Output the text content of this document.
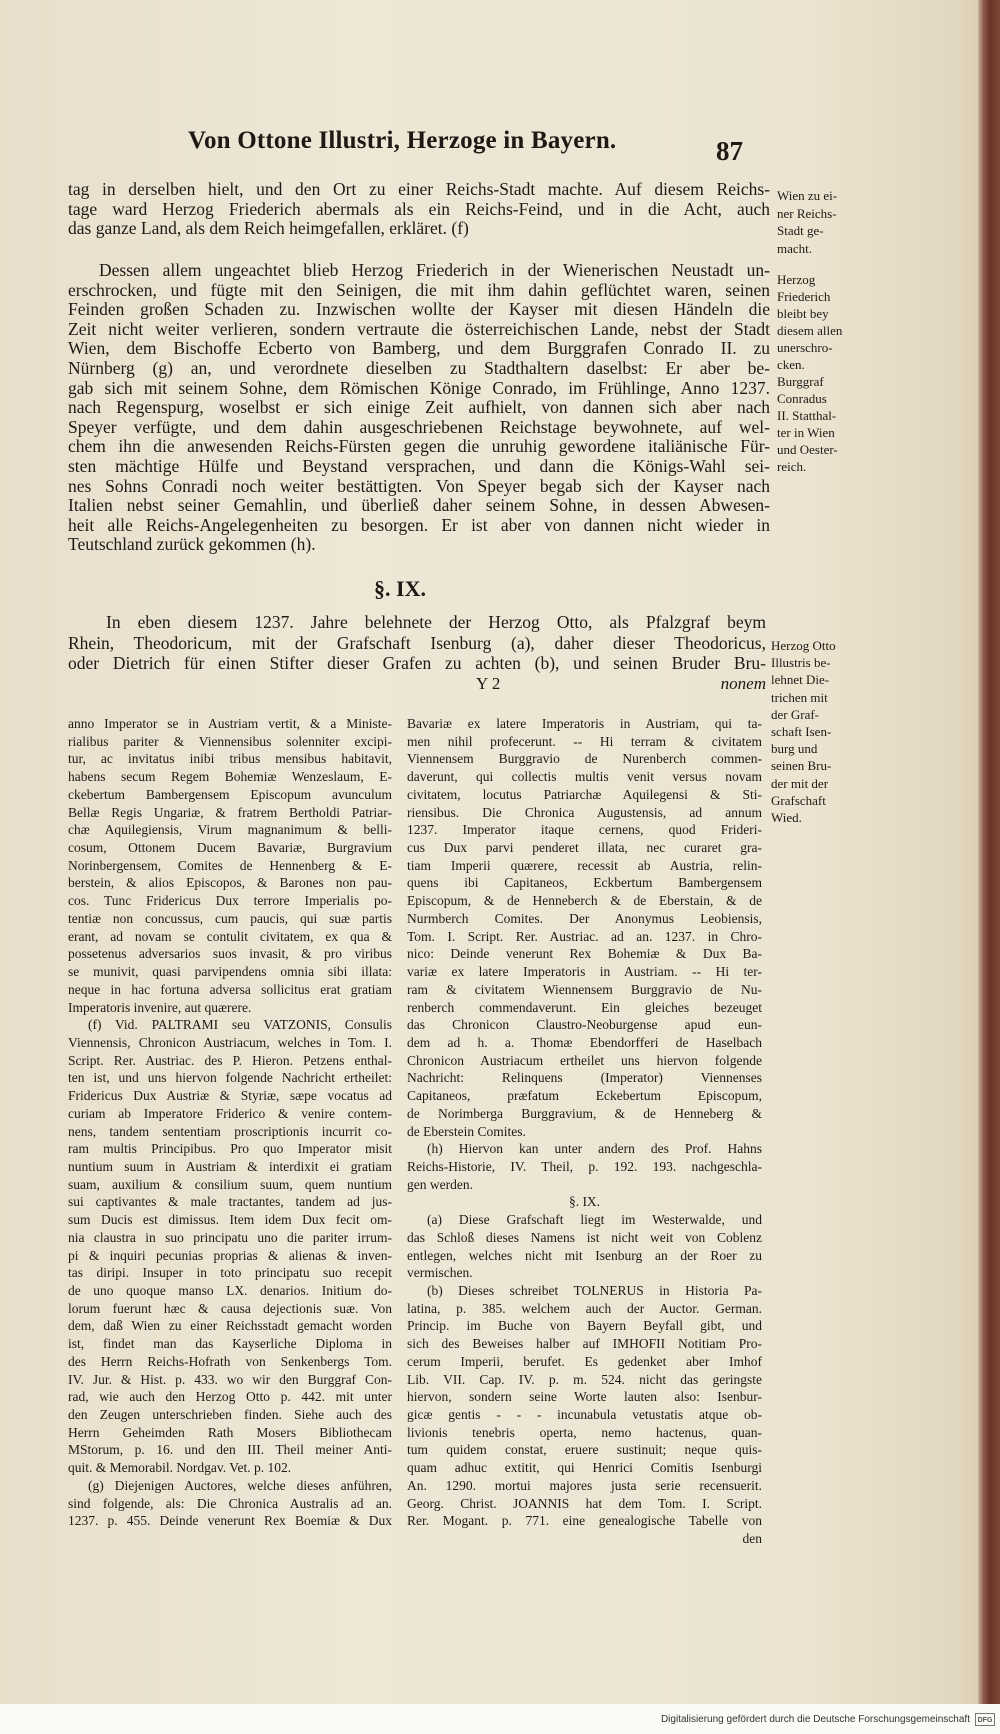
Von Ottone Illustri, Herzoge in Bayern.	87
tag in derselben hielt, und den Ort zu einer Reichs-Stadt machte. Auf diesem Reichs-
tage ward Herzog Friederich abermals als ein Reichs-Feind, und in die Acht, auch
das ganze Land, als dem Reich heimgefallen, erkläret. (f)
Dessen allem ungeachtet blieb Herzog Friederich in der Wienerischen Neustadt un-
erschrocken, und fügte mit den Seinigen, die mit ihm dahin geflüchtet waren, seinen
Feinden großen Schaden zu. Inzwischen wollte der Kayser mit diesen Händeln die
Zeit nicht weiter verlieren, sondern vertraute die österreichischen Lande, nebst der Stadt
Wien, dem Bischoffe Ecberto von Bamberg, und dem Burggrafen Conrado II. zu
Nürnberg (g) an, und verordnete dieselben zu Stadthaltern daselbst: Er aber be-
gab sich mit seinem Sohne, dem Römischen Könige Conrado, im Frühlinge, Anno 1237.
nach Regenspurg, woselbst er sich einige Zeit aufhielt, von dannen sich aber nach
Speyer verfügte, und dem dahin ausgeschriebenen Reichstage beywohnete, auf wel-
chem ihn die anwesenden Reichs-Fürsten gegen die unruhig gewordene italiänische Für-
sten mächtige Hülfe und Beystand versprachen, und dann die Königs-Wahl sei-
nes Sohns Conradi noch weiter bestättigten. Von Speyer begab sich der Kayser nach
Italien nebst seiner Gemahlin, und überließ daher seinem Sohne, in dessen Abwesen-
heit alle Reichs-Angelegenheiten zu besorgen. Er ist aber von dannen nicht wieder in
Teutschland zurück gekommen (h).
§. IX.
In eben diesem 1237. Jahre belehnete der Herzog Otto, als Pfalzgraf beym
Rhein, Theodoricum, mit der Grafschaft Isenburg (a), daher dieser Theodoricus,
oder Dietrich für einen Stifter dieser Grafen zu achten (b), und seinen Bruder Bru-
Y 2	nonem
Wien zu ei-
ner Reichs-
Stadt ge-
macht.
Herzog
Friederich
bleibt bey
diesem allen
unerschro-
cken.
Burggraf
Conradus
II. Statthal-
ter in Wien
und Oester-
reich.
Herzog Otto
Illustris be-
lehnet Die-
trichen mit
der Graf-
schaft Isen-
burg und
seinen Bru-
der mit der
Grafschaft
Wied.
anno Imperator se in Austriam vertit, & a Ministe-
rialibus pariter & Viennensibus solenniter excipi-
tur, ac invitatus inibi tribus mensibus habitavit,
habens secum Regem Bohemiæ Wenzeslaum, E-
ckebertum Bambergensem Episcopum avunculum
Bellæ Regis Ungariæ, & fratrem Bertholdi Patriar-
chæ Aquilegiensis, Virum magnanimum & belli-
cosum, Ottonem Ducem Bavariæ, Burgravium
Norinbergensem, Comites de Hennenberg & E-
berstein, & alios Episcopos, & Barones non pau-
cos. Tunc Fridericus Dux terrore Imperialis po-
tentiæ non concussus, cum paucis, qui suæ partis
erant, ad novam se contulit civitatem, ex qua &
possetenus adversarios suos invasit, & pro viribus
se munivit, quasi parvipendens omnia sibi illata:
neque in hac fortuna adversa sollicitus erat gratiam
Imperatoris invenire, aut quærere.
(f) Vid. PALTRAMI seu VATZONIS, Consulis
Viennensis, Chronicon Austriacum, welches in Tom. I.
Script. Rer. Austriac. des P. Hieron. Petzens enthal-
ten ist, und uns hiervon folgende Nachricht ertheilet:
Fridericus Dux Austriæ & Styriæ, sæpe vocatus ad
curiam ab Imperatore Friderico & venire contem-
nens, tandem sententiam proscriptionis incurrit co-
ram multis Principibus. Pro quo Imperator misit
nuntium suum in Austriam & interdixit ei gratiam
suam, auxilium & consilium suum, quem nuntium
sui captivantes & male tractantes, tandem ad jus-
sum Ducis est dimissus. Item idem Dux fecit om-
nia claustra in suo principatu uno die pariter irrum-
pi & inquiri pecunias proprias & alienas & inven-
tas diripi. Insuper in toto principatu suo recepit
de uno quoque manso LX. denarios. Initium do-
lorum fuerunt hæc & causa dejectionis suæ. Von
dem, daß Wien zu einer Reichsstadt gemacht worden
ist, findet man das Kayserliche Diploma in
des Herrn Reichs-Hofrath von Senkenbergs Tom.
IV. Jur. & Hist. p. 433. wo wir den Burggraf Con-
rad, wie auch den Herzog Otto p. 442. mit unter
den Zeugen unterschrieben finden. Siehe auch des
Herrn Geheimden Rath Mosers Bibliothecam
MStorum, p. 16. und den III. Theil meiner Anti-
quit. & Memorabil. Nordgav. Vet. p. 102.
(g) Diejenigen Auctores, welche dieses anführen,
sind folgende, als: Die Chronica Australis ad an.
1237. p. 455. Deinde venerunt Rex Boemiæ & Dux
Bavariæ ex latere Imperatoris in Austriam, qui ta-
men nihil profecerunt. -- Hi terram & civitatem
Viennensem Burggravio de Nurenberch commen-
daverunt, qui collectis multis venit versus novam
civitatem, locutus Patriarchæ Aquilegensi & Sti-
riensibus. Die Chronica Augustensis, ad annum
1237. Imperator itaque cernens, quod Frideri-
cus Dux parvi penderet illata, nec curaret gra-
tiam Imperii quærere, recessit ab Austria, relin-
quens ibi Capitaneos, Eckbertum Bambergensem
Episcopum, & de Henneberch & de Eberstain, & de
Nurmberch Comites. Der Anonymus Leobiensis,
Tom. I. Script. Rer. Austriac. ad an. 1237. in Chro-
nico: Deinde venerunt Rex Bohemiæ & Dux Ba-
variæ ex latere Imperatoris in Austriam. -- Hi ter-
ram & civitatem Wiennensem Burggravio de Nu-
renberch commendaverunt. Ein gleiches bezeuget
das Chronicon Claustro-Neoburgense apud eun-
dem ad h. a. Thomæ Ebendorfferi de Haselbach
Chronicon Austriacum ertheilet uns hiervon folgende
Nachricht: Relinquens (Imperator) Viennenses
Capitaneos, præfatum Eckebertum Episcopum,
de Norimberga Burggravium, & de Henneberg &
de Eberstein Comites.
(h) Hiervon kan unter andern des Prof. Hahns
Reichs-Historie, IV. Theil, p. 192. 193. nachgeschla-
gen werden.
§. IX.
(a) Diese Grafschaft liegt im Westerwalde, und
das Schloß dieses Namens ist nicht weit von Coblenz
entlegen, welches nicht mit Isenburg an der Roer zu
vermischen.
(b) Dieses schreibet TOLNERUS in Historia Pa-
latina, p. 385. welchem auch der Auctor. German.
Princip. im Buche von Bayern Beyfall gibt, und
sich des Beweises halber auf IMHOFII Notitiam Pro-
cerum Imperii, berufet. Es gedenket aber Imhof
Lib. VII. Cap. IV. p. m. 524. nicht das geringste
hiervon, sondern seine Worte lauten also: Isenbur-
gicæ gentis - - - incunabula vetustatis atque ob-
livionis tenebris operta, nemo hactenus, quan-
tum quidem constat, eruere sustinuit; neque quis-
quam adhuc extitit, qui Henrici Comitis Isenburgi
An. 1290. mortui majores justa serie recensuerit.
Georg. Christ. JOANNIS hat dem Tom. I. Script.
Rer. Mogant. p. 771. eine genealogische Tabelle von
den
Digitalisierung gefördert durch die Deutsche Forschungsgemeinschaft	DFG
